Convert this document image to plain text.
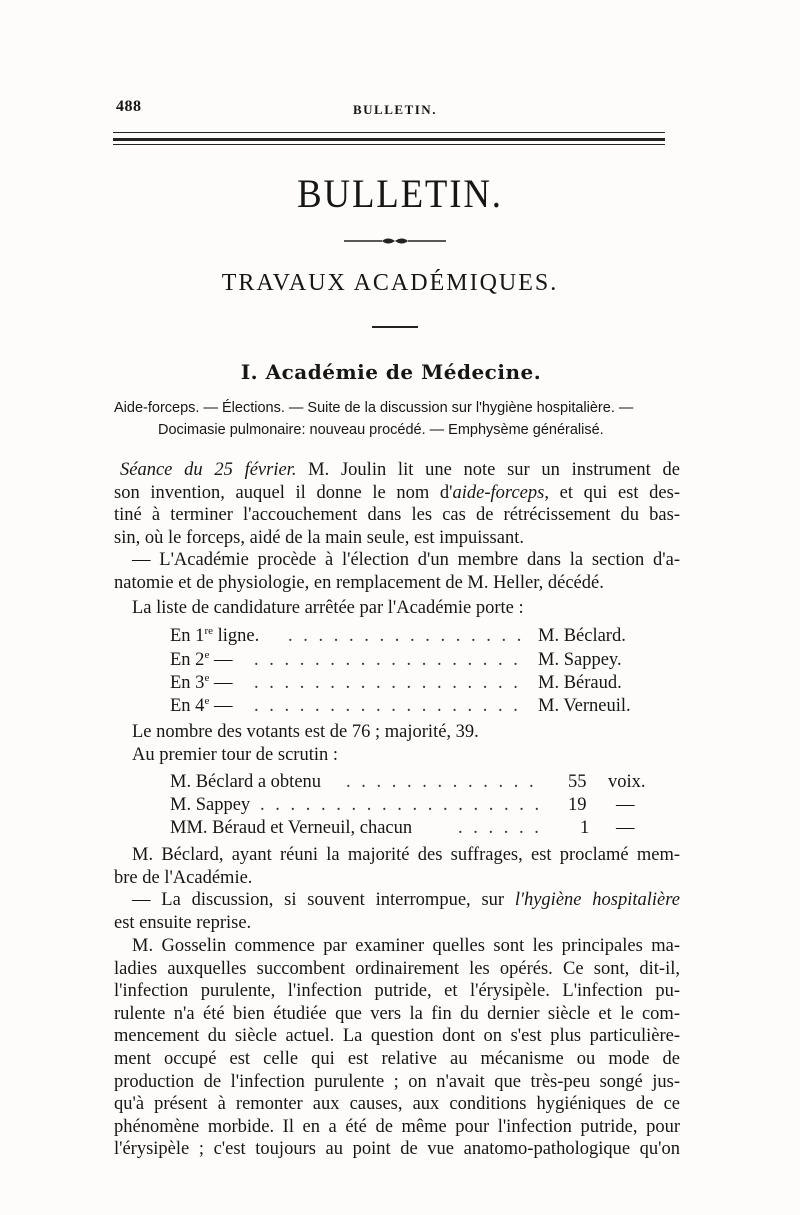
488	BULLETIN.
BULLETIN.
TRAVAUX ACADÉMIQUES.
I. Académie de Médecine.
Aide-forceps. — Élections. — Suite de la discussion sur l'hygiène hospitalière. —
Docimasie pulmonaire: nouveau procédé. — Emphysème généralisé.
Séance du 25 février. M. Joulin lit une note sur un instrument de
son invention, auquel il donne le nom d'aide-forceps, et qui est des-
tiné à terminer l'accouchement dans les cas de rétrécissement du bas-
sin, où le forceps, aidé de la main seule, est impuissant.
— L'Académie procède à l'élection d'un membre dans la section d'a-
natomie et de physiologie, en remplacement de M. Heller, décédé.
La liste de candidature arrêtée par l'Académie porte :
En 1re ligne. . . . . . . . . . . . . . . . . M. Béclard.
En 2e — . . . . . . . . . . . . . . . . . . M. Sappey.
En 3e — . . . . . . . . . . . . . . . . . . M. Béraud.
En 4e — . . . . . . . . . . . . . . . . . . M. Verneuil.
Le nombre des votants est de 76 ; majorité, 39.
Au premier tour de scrutin :
M. Béclard a obtenu . . . . . . . . . . . . . 55 voix.
M. Sappey . . . . . . . . . . . . . . . . . . . 19 —
MM. Béraud et Verneuil, chacun . . . . . . 1 —
M. Béclard, ayant réuni la majorité des suffrages, est proclamé mem-
bre de l'Académie.
— La discussion, si souvent interrompue, sur l'hygiène hospitalière
est ensuite reprise.
M. Gosselin commence par examiner quelles sont les principales ma-
ladies auxquelles succombent ordinairement les opérés. Ce sont, dit-il,
l'infection purulente, l'infection putride, et l'érysipèle. L'infection pu-
rulente n'a été bien étudiée que vers la fin du dernier siècle et le com-
mencement du siècle actuel. La question dont on s'est plus particulière-
ment occupé est celle qui est relative au mécanisme ou mode de
production de l'infection purulente ; on n'avait que très-peu songé jus-
qu'à présent à remonter aux causes, aux conditions hygiéniques de ce
phénomène morbide. Il en a été de même pour l'infection putride, pour
l'érysipèle ; c'est toujours au point de vue anatomo-pathologique qu'on
